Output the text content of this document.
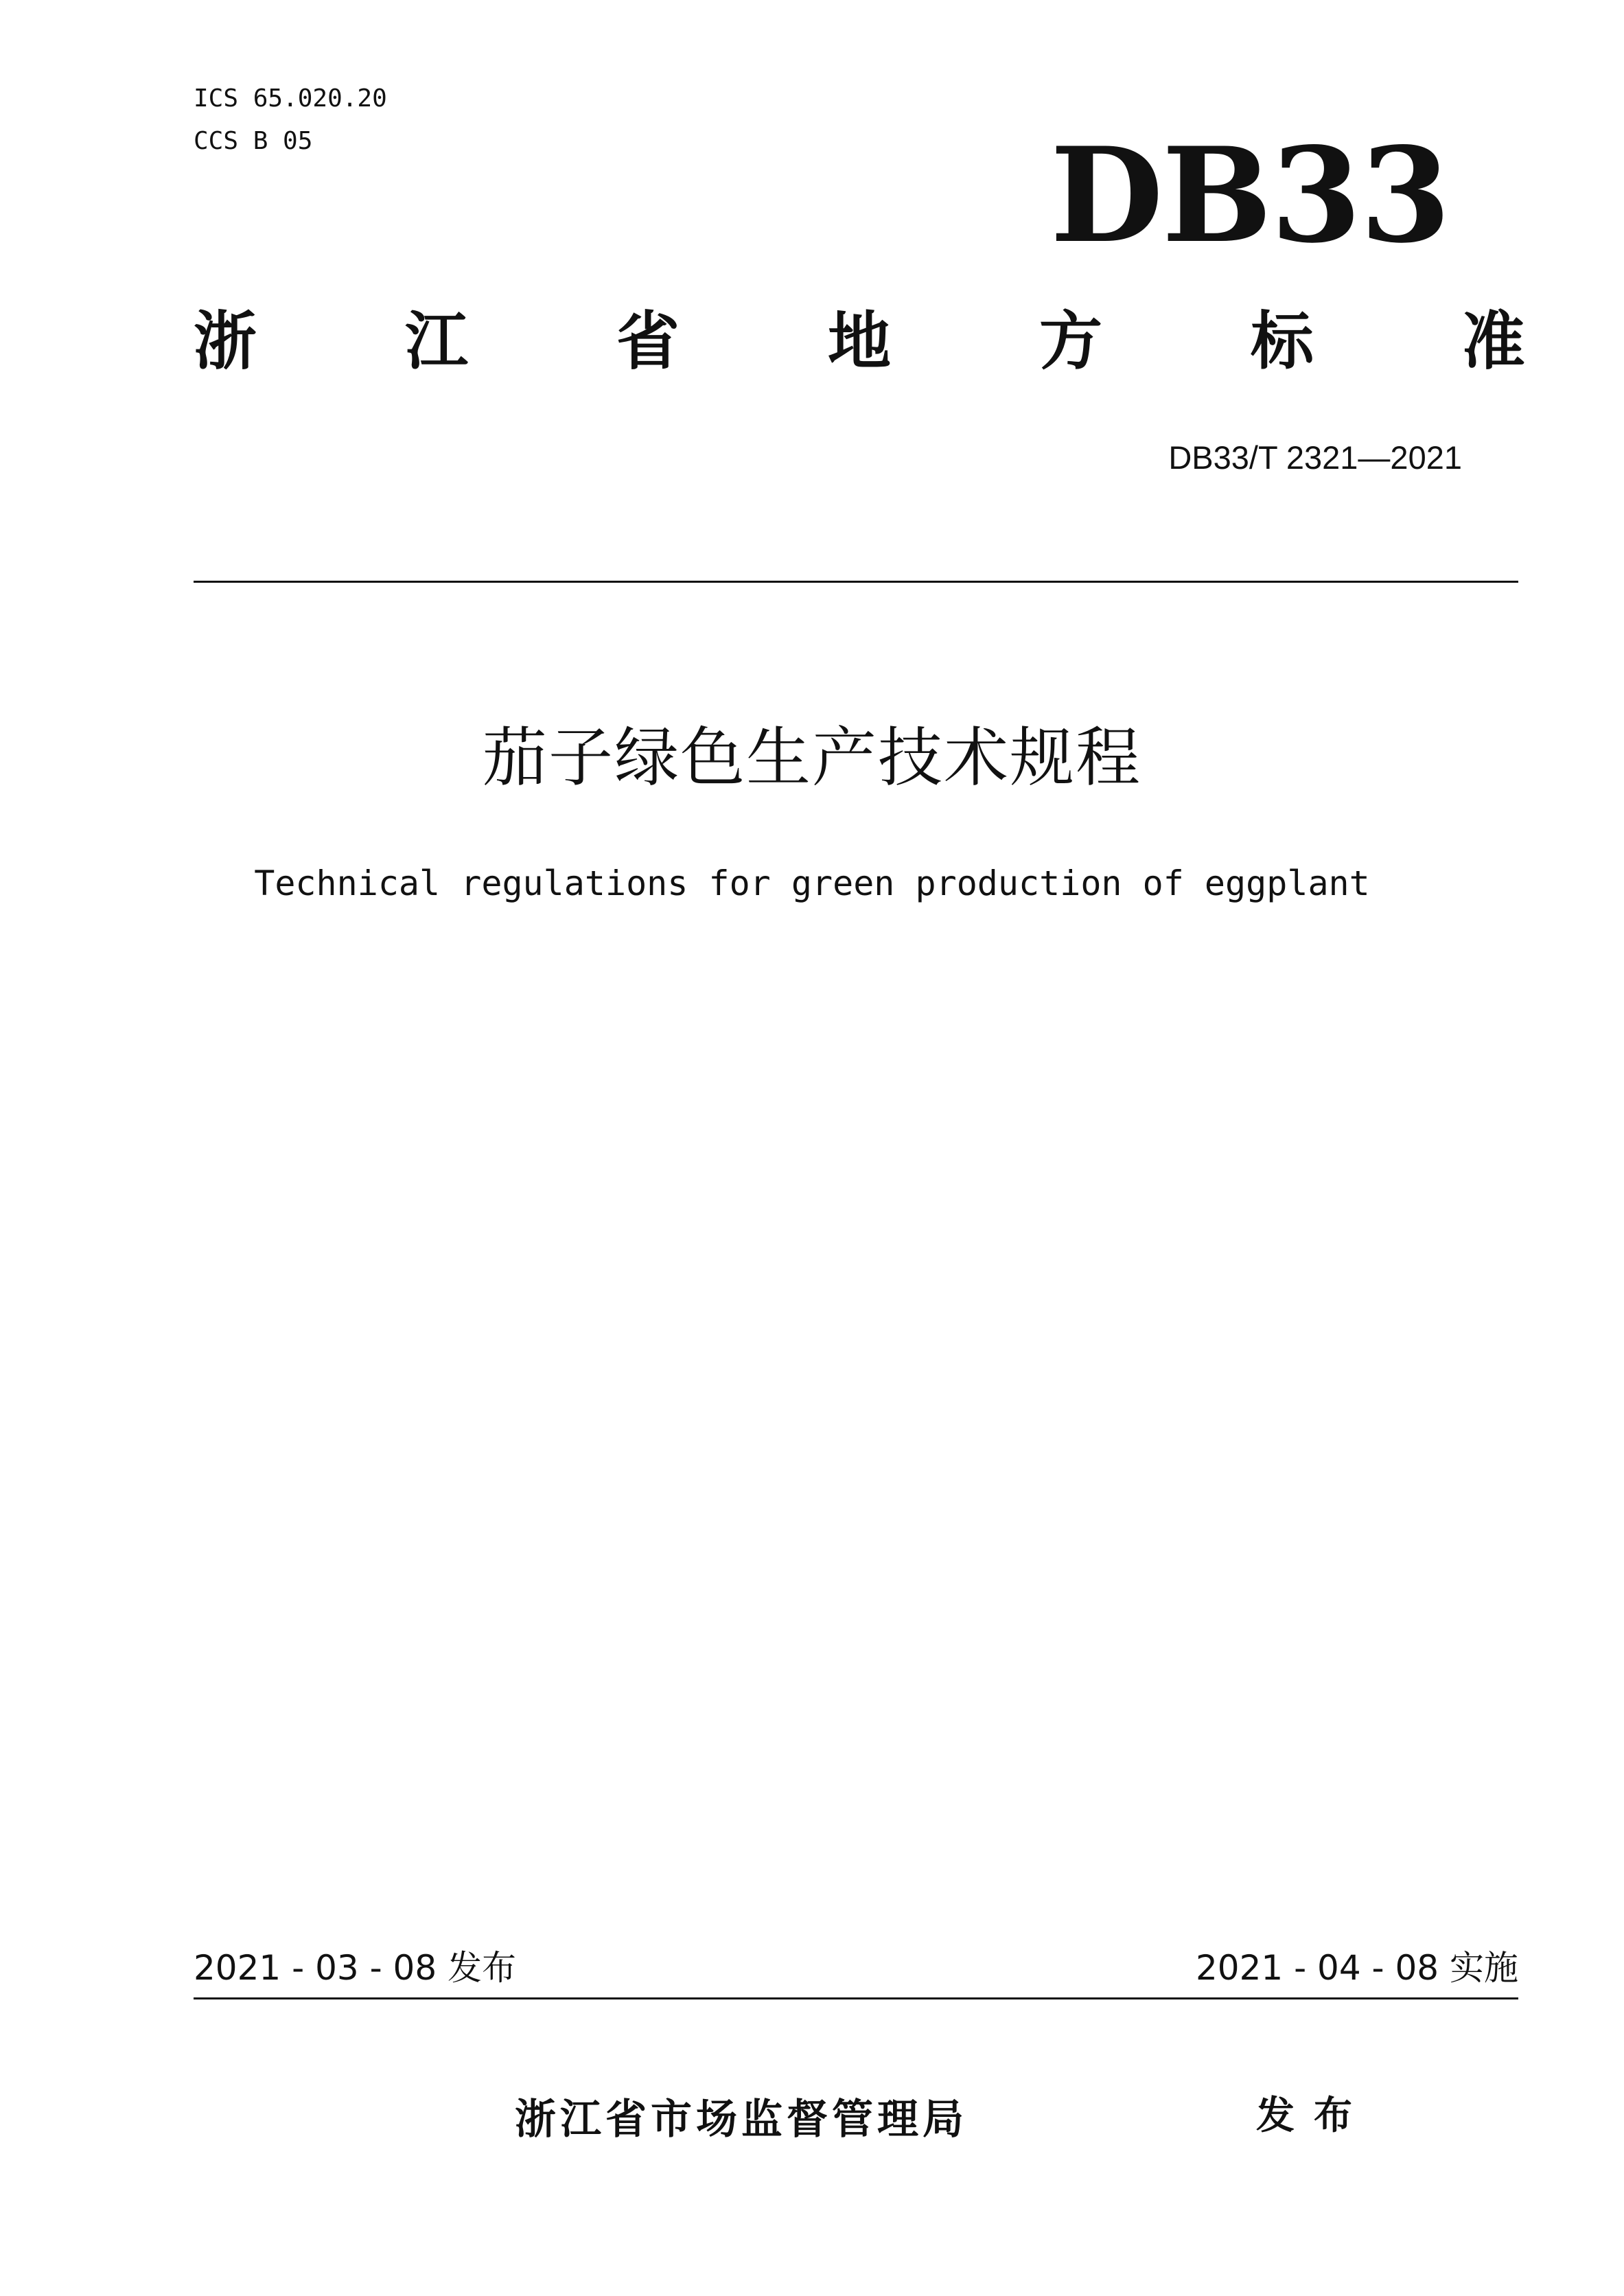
ICS 65.020.20
CCS B 05	DB33
浙 江 省 地 方 标 准
DB33/T 2321—2021
茄子绿色生产技术规程
Technical regulations for green production of eggplant
2021 - 03 - 08 发布	2021 - 04 - 08 实施
浙江省市场监督管理局	发布
